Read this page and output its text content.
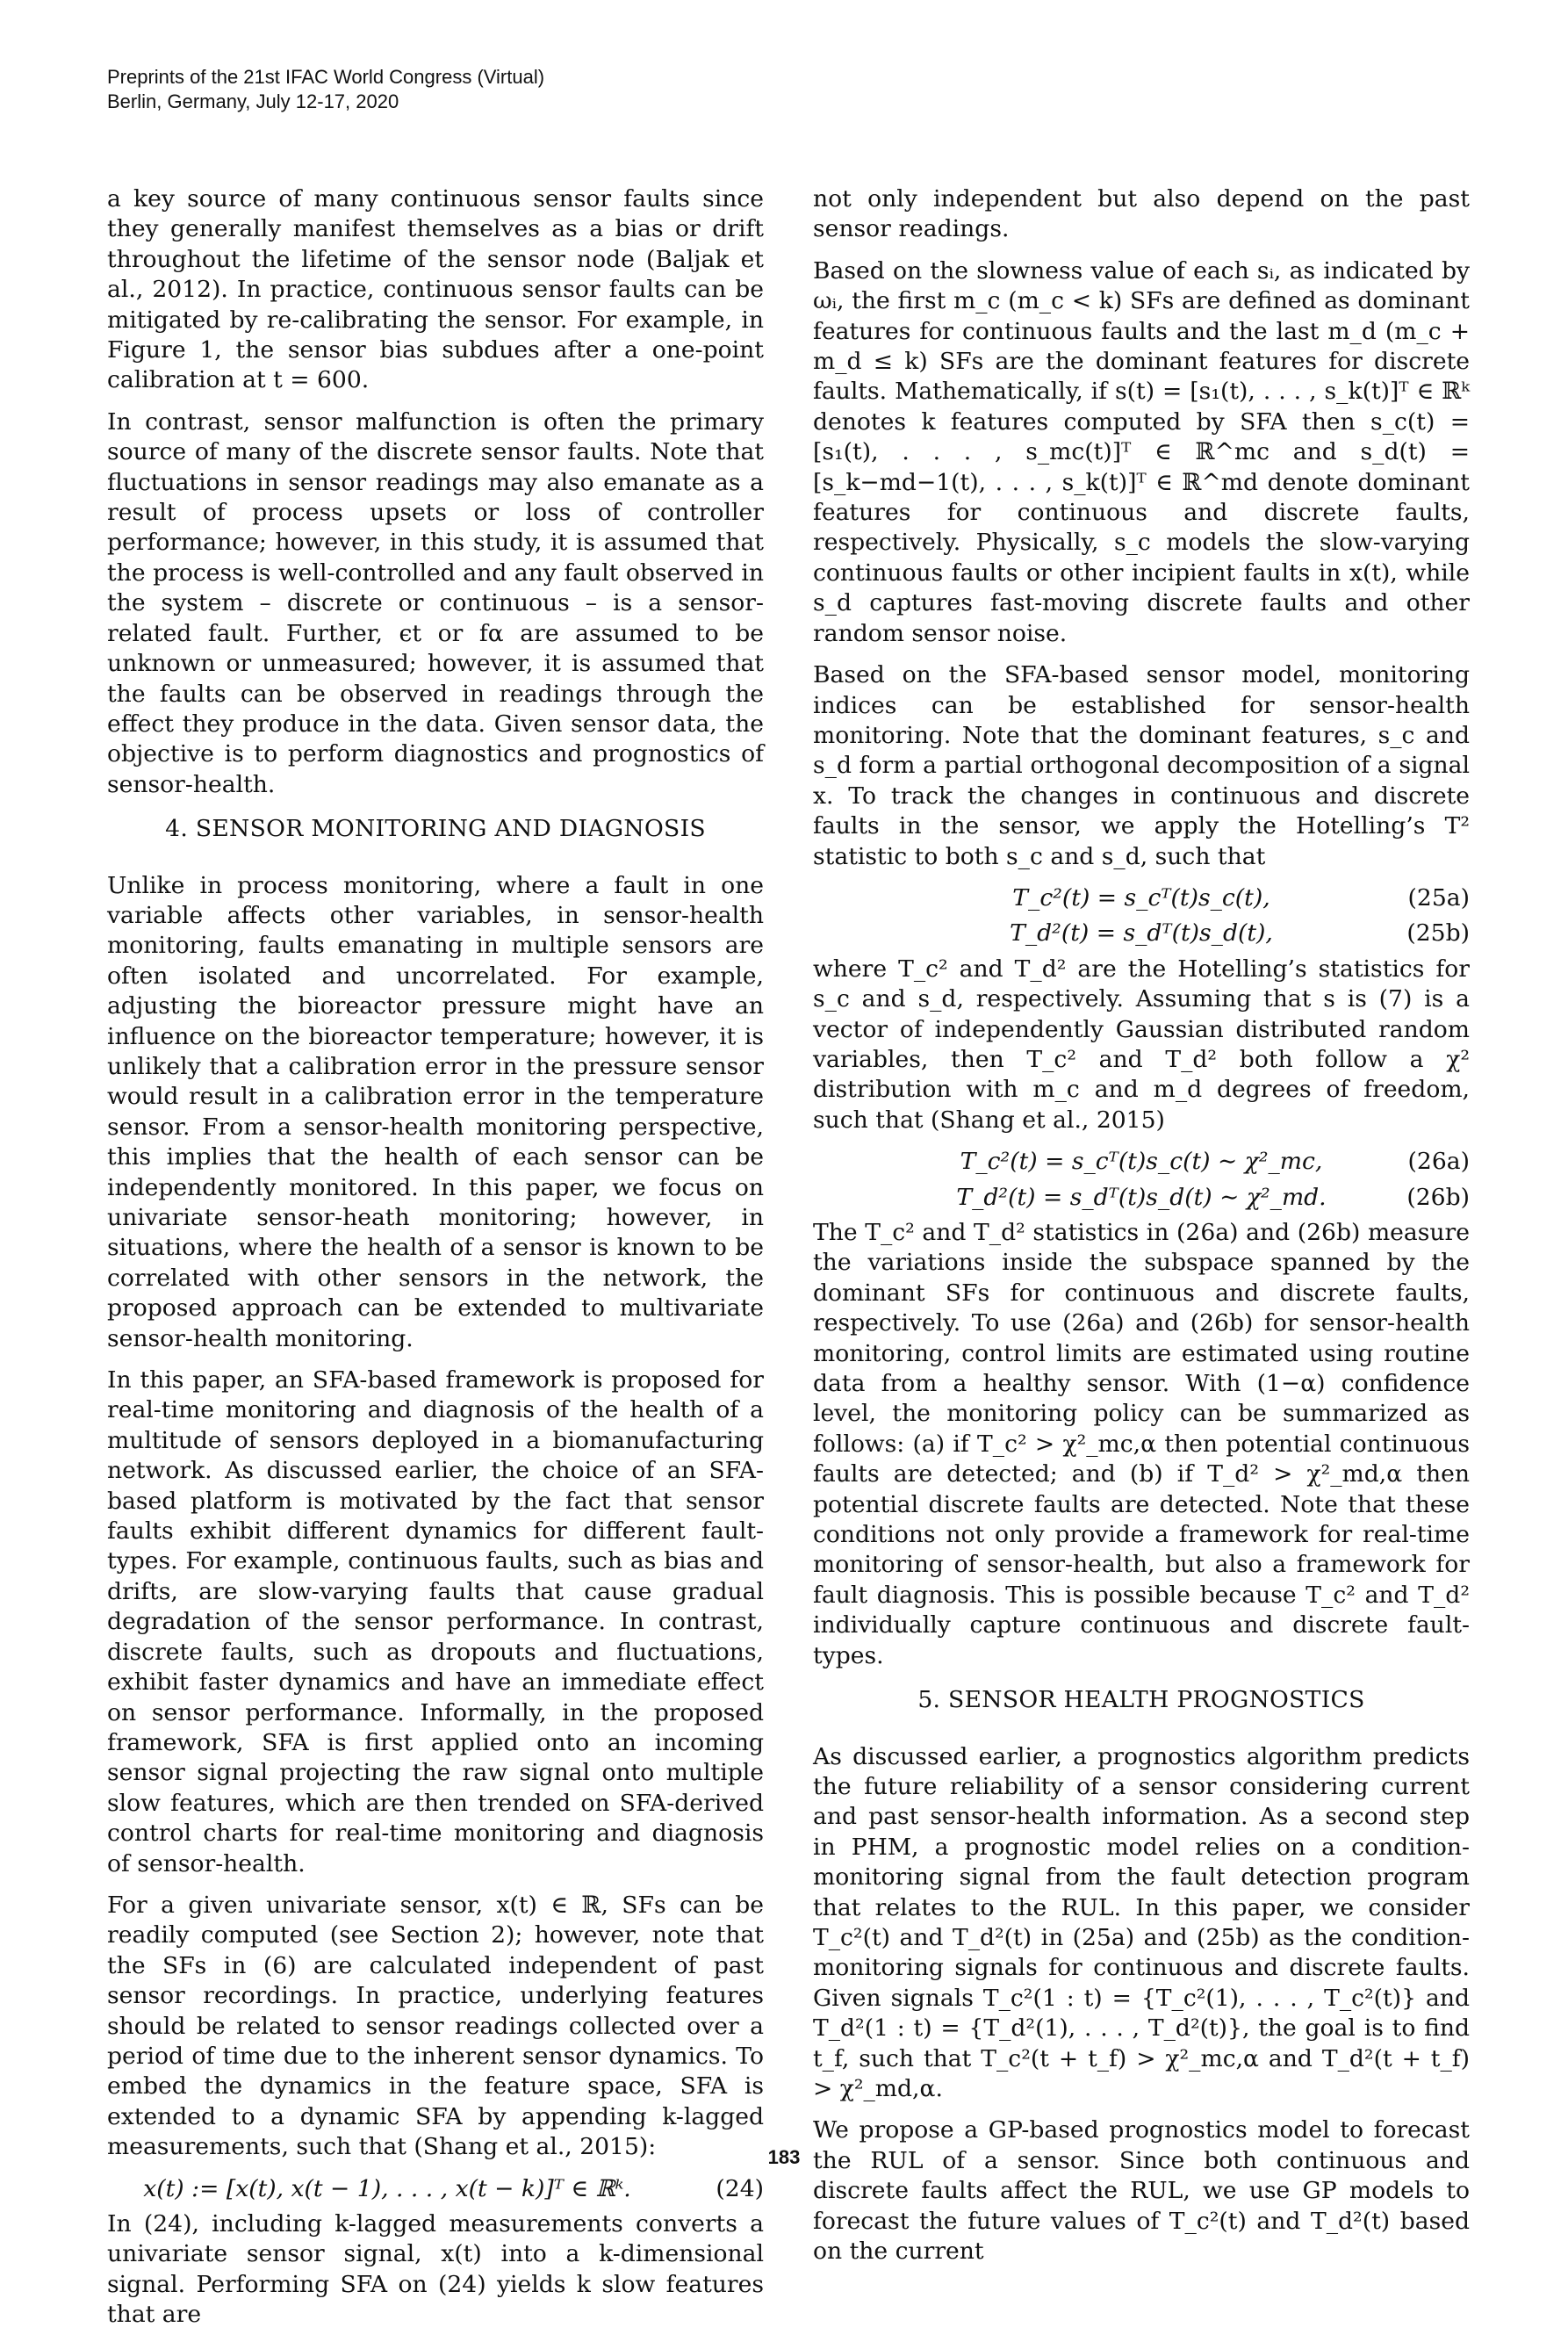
Preprints of the 21st IFAC World Congress (Virtual)
Berlin, Germany, July 12-17, 2020

a key source of many continuous sensor faults since they generally manifest themselves as a bias or drift throughout the lifetime of the sensor node (Baljak et al., 2012). In practice, continuous sensor faults can be mitigated by re-calibrating the sensor. For example, in Figure 1, the sensor bias subdues after a one-point calibration at t = 600.

In contrast, sensor malfunction is often the primary source of many of the discrete sensor faults. Note that fluctuations in sensor readings may also emanate as a result of process upsets or loss of controller performance; however, in this study, it is assumed that the process is well-controlled and any fault observed in the system – discrete or continuous – is a sensor-related fault. Further, ϵt or fα are assumed to be unknown or unmeasured; however, it is assumed that the faults can be observed in readings through the effect they produce in the data. Given sensor data, the objective is to perform diagnostics and prognostics of sensor-health.

4. SENSOR MONITORING AND DIAGNOSIS

Unlike in process monitoring, where a fault in one variable affects other variables, in sensor-health monitoring, faults emanating in multiple sensors are often isolated and uncorrelated. For example, adjusting the bioreactor pressure might have an influence on the bioreactor temperature; however, it is unlikely that a calibration error in the pressure sensor would result in a calibration error in the temperature sensor. From a sensor-health monitoring perspective, this implies that the health of each sensor can be independently monitored. In this paper, we focus on univariate sensor-heath monitoring; however, in situations, where the health of a sensor is known to be correlated with other sensors in the network, the proposed approach can be extended to multivariate sensor-health monitoring.

In this paper, an SFA-based framework is proposed for real-time monitoring and diagnosis of the health of a multitude of sensors deployed in a biomanufacturing network. As discussed earlier, the choice of an SFA-based platform is motivated by the fact that sensor faults exhibit different dynamics for different fault-types. For example, continuous faults, such as bias and drifts, are slow-varying faults that cause gradual degradation of the sensor performance. In contrast, discrete faults, such as dropouts and fluctuations, exhibit faster dynamics and have an immediate effect on sensor performance. Informally, in the proposed framework, SFA is first applied onto an incoming sensor signal projecting the raw signal onto multiple slow features, which are then trended on SFA-derived control charts for real-time monitoring and diagnosis of sensor-health.

For a given univariate sensor, x(t) ∈ ℝ, SFs can be readily computed (see Section 2); however, note that the SFs in (6) are calculated independent of past sensor recordings. In practice, underlying features should be related to sensor readings collected over a period of time due to the inherent sensor dynamics. To embed the dynamics in the feature space, SFA is extended to a dynamic SFA by appending k-lagged measurements, such that (Shang et al., 2015):

x(t) := [x(t), x(t − 1), . . . , x(t − k)]ᵀ ∈ ℝᵏ.	(24)

In (24), including k-lagged measurements converts a univariate sensor signal, x(t) into a k-dimensional signal. Performing SFA on (24) yields k slow features that are

not only independent but also depend on the past sensor readings.

Based on the slowness value of each sᵢ, as indicated by ωᵢ, the first m_c (m_c < k) SFs are defined as dominant features for continuous faults and the last m_d (m_c + m_d ≤ k) SFs are the dominant features for discrete faults. Mathematically, if s(t) = [s₁(t), . . . , s_k(t)]ᵀ ∈ ℝᵏ denotes k features computed by SFA then s_c(t) = [s₁(t), . . . , s_mc(t)]ᵀ ∈ ℝ^mc and s_d(t) = [s_k−md−1(t), . . . , s_k(t)]ᵀ ∈ ℝ^md denote dominant features for continuous and discrete faults, respectively. Physically, s_c models the slow-varying continuous faults or other incipient faults in x(t), while s_d captures fast-moving discrete faults and other random sensor noise.

Based on the SFA-based sensor model, monitoring indices can be established for sensor-health monitoring. Note that the dominant features, s_c and s_d form a partial orthogonal decomposition of a signal x. To track the changes in continuous and discrete faults in the sensor, we apply the Hotelling’s T² statistic to both s_c and s_d, such that

T_c²(t) = s_cᵀ(t)s_c(t),	(25a)
T_d²(t) = s_dᵀ(t)s_d(t),	(25b)

where T_c² and T_d² are the Hotelling’s statistics for s_c and s_d, respectively. Assuming that s is (7) is a vector of independently Gaussian distributed random variables, then T_c² and T_d² both follow a χ² distribution with m_c and m_d degrees of freedom, such that (Shang et al., 2015)

T_c²(t) = s_cᵀ(t)s_c(t) ∼ χ²_mc,	(26a)
T_d²(t) = s_dᵀ(t)s_d(t) ∼ χ²_md.	(26b)

The T_c² and T_d² statistics in (26a) and (26b) measure the variations inside the subspace spanned by the dominant SFs for continuous and discrete faults, respectively. To use (26a) and (26b) for sensor-health monitoring, control limits are estimated using routine data from a healthy sensor. With (1−α) confidence level, the monitoring policy can be summarized as follows: (a) if T_c² > χ²_mc,α then potential continuous faults are detected; and (b) if T_d² > χ²_md,α then potential discrete faults are detected. Note that these conditions not only provide a framework for real-time monitoring of sensor-health, but also a framework for fault diagnosis. This is possible because T_c² and T_d² individually capture continuous and discrete fault-types.

5. SENSOR HEALTH PROGNOSTICS

As discussed earlier, a prognostics algorithm predicts the future reliability of a sensor considering current and past sensor-health information. As a second step in PHM, a prognostic model relies on a condition-monitoring signal from the fault detection program that relates to the RUL. In this paper, we consider T_c²(t) and T_d²(t) in (25a) and (25b) as the condition-monitoring signals for continuous and discrete faults. Given signals T_c²(1 : t) = {T_c²(1), . . . , T_c²(t)} and T_d²(1 : t) = {T_d²(1), . . . , T_d²(t)}, the goal is to find t_f, such that T_c²(t + t_f) > χ²_mc,α and T_d²(t + t_f) > χ²_md,α.

We propose a GP-based prognostics model to forecast the RUL of a sensor. Since both continuous and discrete faults affect the RUL, we use GP models to forecast the future values of T_c²(t) and T_d²(t) based on the current

183
